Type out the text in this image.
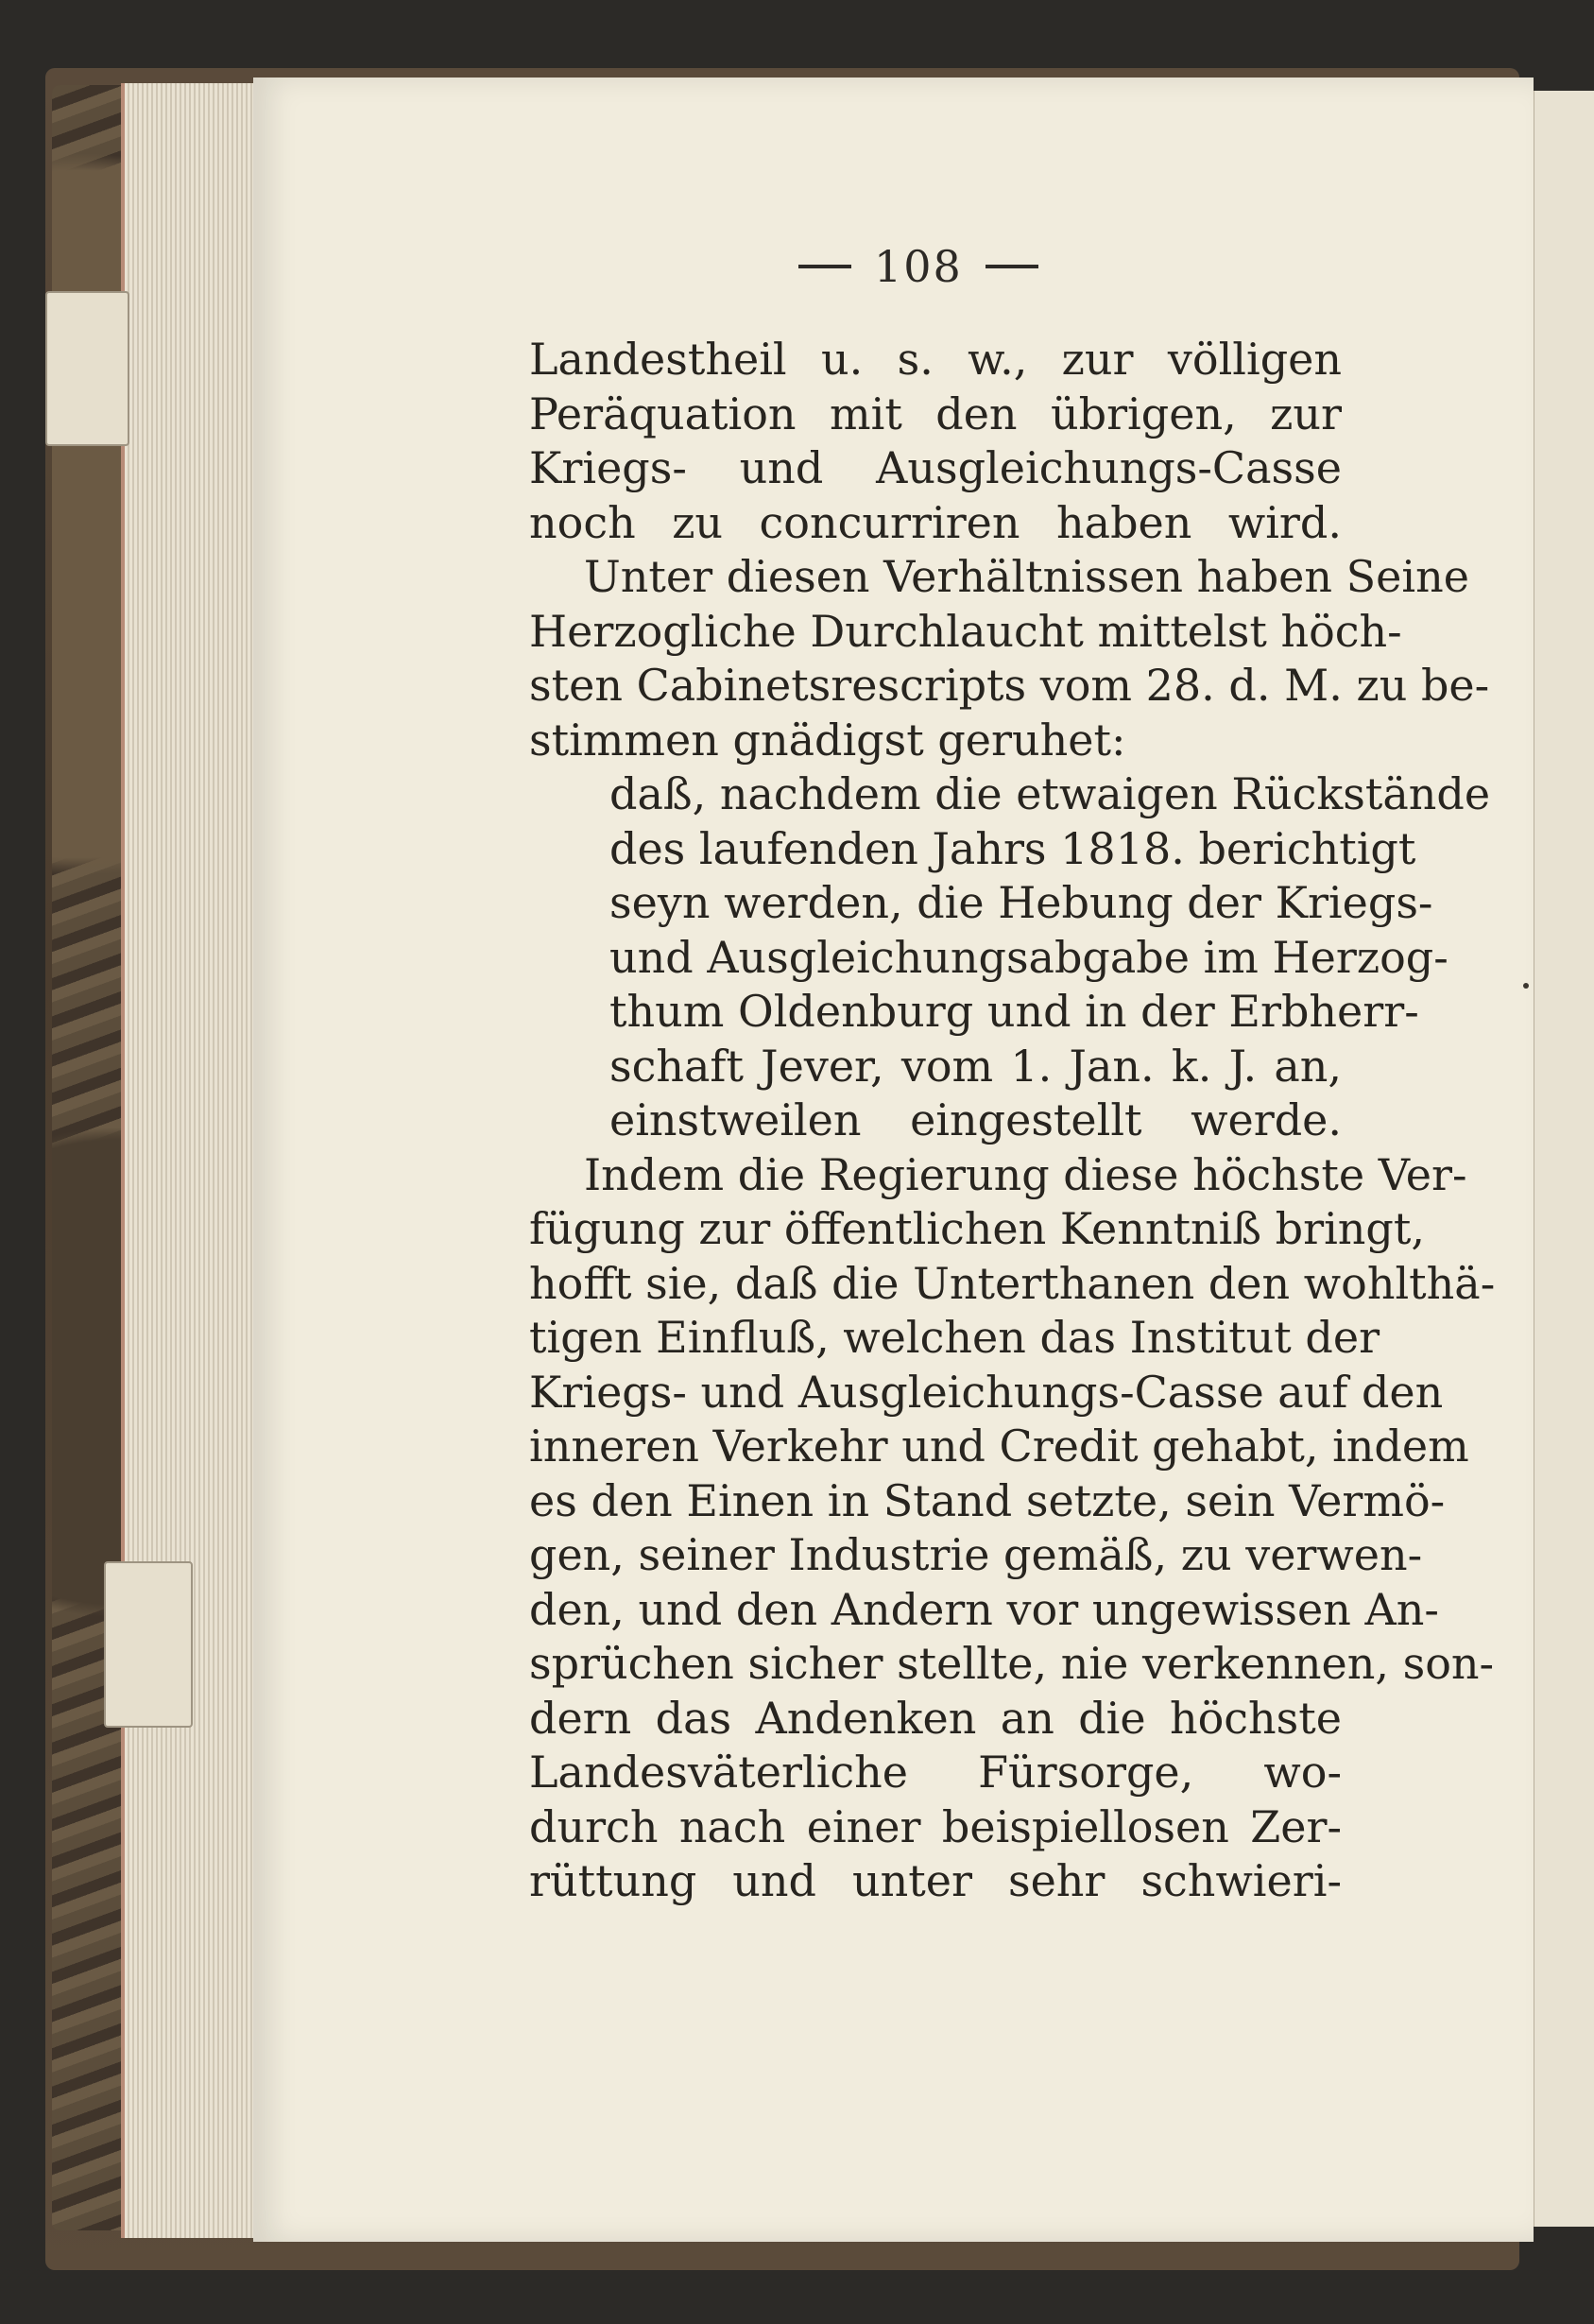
108
Landestheil u. s. w., zur völligen
Peräquation mit den übrigen, zur
Kriegs- und Ausgleichungs-Casse
noch zu concurriren haben wird.
Unter diesen Verhältnissen haben Seine
Herzogliche Durchlaucht mittelst höch-
sten Cabinetsrescripts vom 28. d. M. zu be-
stimmen gnädigst geruhet:
daß, nachdem die etwaigen Rückstände
des laufenden Jahrs 1818. berichtigt
seyn werden, die Hebung der Kriegs-
und Ausgleichungsabgabe im Herzog-
thum Oldenburg und in der Erbherr-
schaft Jever, vom 1. Jan. k. J. an,
einstweilen eingestellt werde.
Indem die Regierung diese höchste Ver-
fügung zur öffentlichen Kenntniß bringt,
hofft sie, daß die Unterthanen den wohlthä-
tigen Einfluß, welchen das Institut der
Kriegs- und Ausgleichungs-Casse auf den
inneren Verkehr und Credit gehabt, indem
es den Einen in Stand setzte, sein Vermö-
gen, seiner Industrie gemäß, zu verwen-
den, und den Andern vor ungewissen An-
sprüchen sicher stellte, nie verkennen, son-
dern das Andenken an die höchste
Landesväterliche Fürsorge, wo-
durch nach einer beispiellosen Zer-
rüttung und unter sehr schwieri-
